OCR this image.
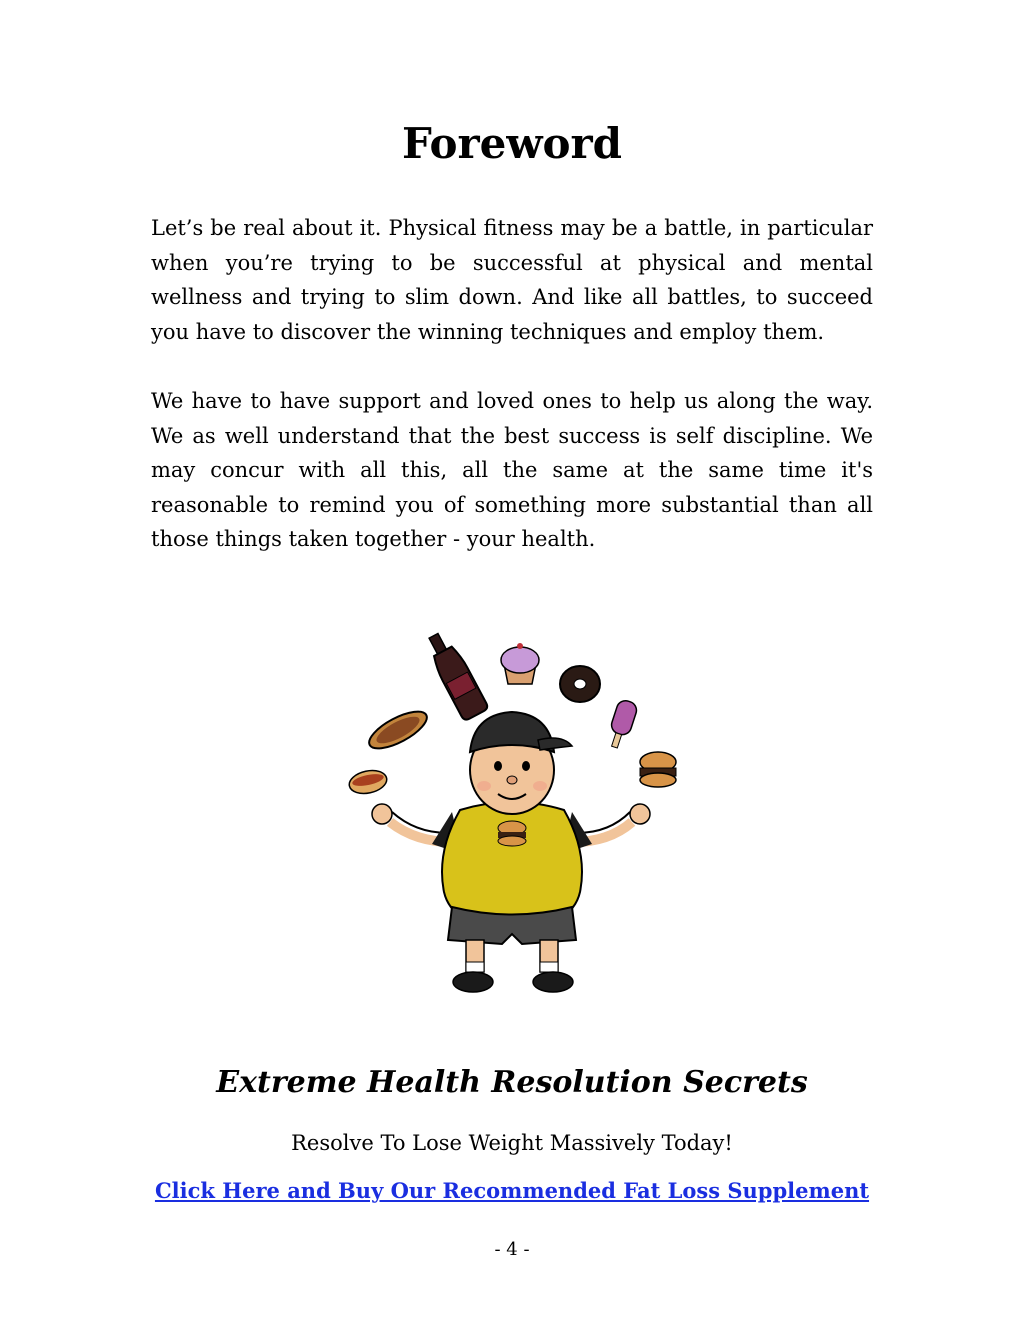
Foreword

Let’s be real about it. Physical fitness may be a battle, in particular when you’re trying to be successful at physical and mental wellness and trying to slim down. And like all battles, to succeed you have to discover the winning techniques and employ them.

We have to have support and loved ones to help us along the way. We as well understand that the best success is self discipline. We may concur with all this, all the same at the same time it's reasonable to remind you of something more substantial than all those things taken together - your health.

Extreme Health Resolution Secrets

Resolve To Lose Weight Massively Today!

Click Here and Buy Our Recommended Fat Loss Supplement

- 4 -
